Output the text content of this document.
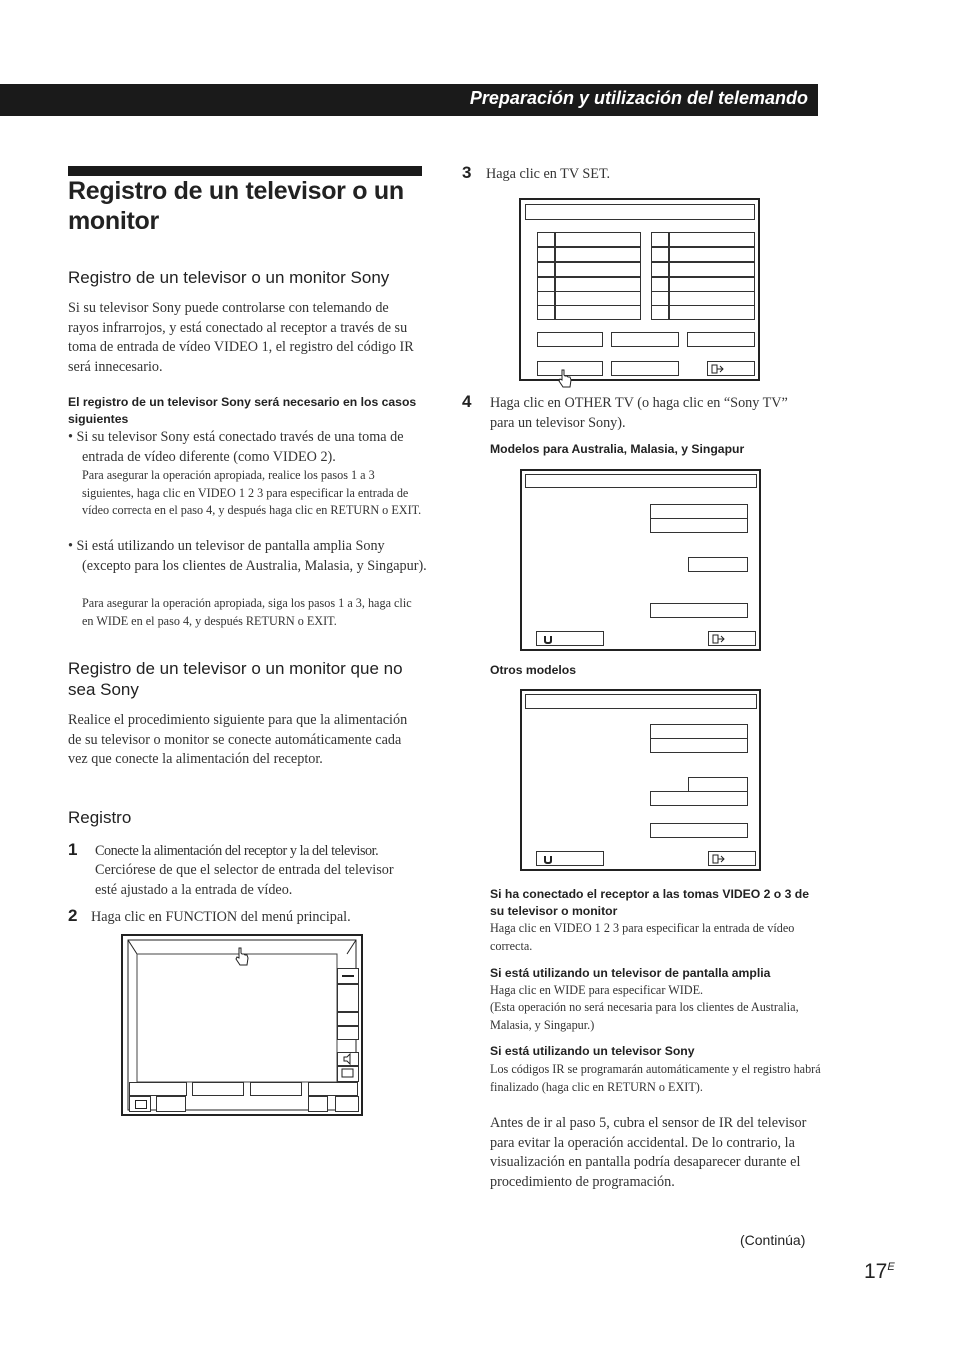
Preparación y utilización del telemando
Registro de un televisor o un monitor
Registro de un televisor o un monitor Sony
Si su televisor Sony puede controlarse con telemando de rayos infrarrojos, y está conectado al receptor a través de su toma de entrada de vídeo VIDEO 1, el registro del código IR será innecesario.
El registro de un televisor Sony será necesario en los casos siguientes
• Si su televisor Sony está conectado través de una toma de entrada de vídeo diferente (como VIDEO 2).
Para asegurar la operación apropiada, realice los pasos 1 a 3 siguientes, haga clic en VIDEO 1 2 3 para especificar la entrada de vídeo correcta en el paso 4, y después haga clic en RETURN o EXIT.
• Si está utilizando un televisor de pantalla amplia Sony (excepto para los clientes de Australia, Malasia, y Singapur).
Para asegurar la operación apropiada, siga los pasos 1 a 3, haga clic en WIDE en el paso 4, y después RETURN o EXIT.
Registro de un televisor o un monitor que no sea Sony
Realice el procedimiento siguiente para que la alimentación de su televisor o monitor se conecte automáticamente cada vez que conecte la alimentación del receptor.
Registro
1 Conecte la alimentación del receptor y la del televisor.
Cerciórese de que el selector de entrada del televisor esté ajustado a la entrada de vídeo.
2 Haga clic en FUNCTION del menú principal.
3 Haga clic en TV SET.
4 Haga clic en OTHER TV (o haga clic en “Sony TV” para un televisor Sony).
Modelos para Australia, Malasia, y Singapur
Otros modelos
Si ha conectado el receptor a las tomas VIDEO 2 o 3 de su televisor o monitor
Haga clic en VIDEO 1 2 3 para especificar la entrada de vídeo correcta.
Si está utilizando un televisor de pantalla amplia
Haga clic en WIDE para especificar WIDE.
(Esta operación no será necesaria para los clientes de Australia, Malasia, y Singapur.)
Si está utilizando un televisor Sony
Los códigos IR se programarán automáticamente y el registro habrá finalizado (haga clic en RETURN o EXIT).
Antes de ir al paso 5, cubra el sensor de IR del televisor para evitar la operación accidental. De lo contrario, la visualización en pantalla podría desaparecer durante el procedimiento de programación.
(Continúa)
$17^E$
